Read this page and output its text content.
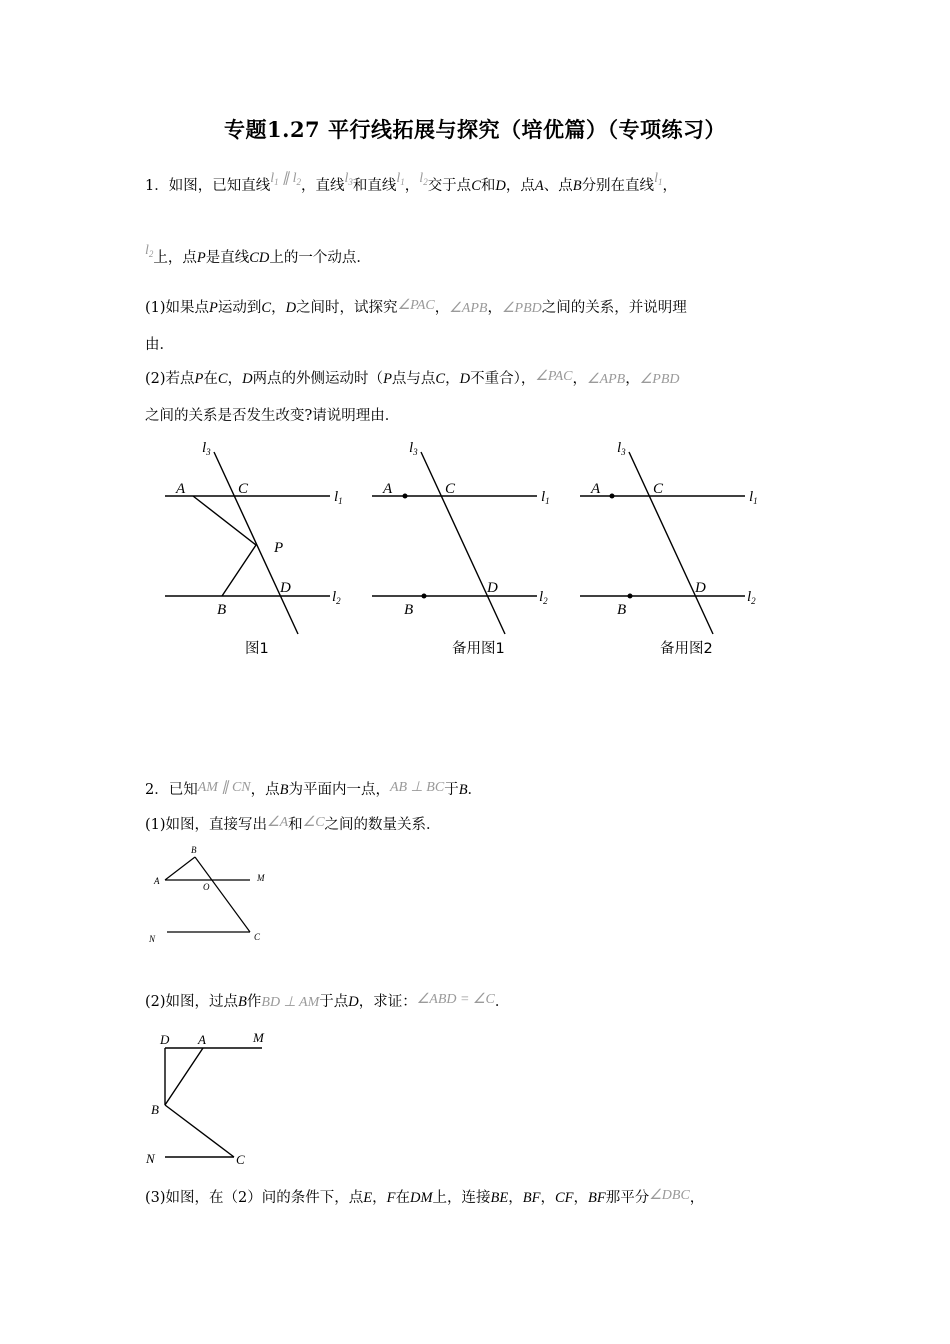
专题1.27 平行线拓展与探究（培优篇）（专项练习）
1．如图，已知直线$l_1$ ∥ $l_2$，直线$l_3$和直线$l_1$，$l_2$交于点C和D，点A、点B分别在直线$l_1$，
$l_2$上，点P是直线CD上的一个动点．
(1)如果点P运动到C，D之间时，试探究∠PAC，∠APB，∠PBD之间的关系，并说明理
由．
(2)若点P在C，D两点的外侧运动时（P点与点C，D不重合），∠PAC，∠APB，∠PBD
之间的关系是否发生改变?请说明理由．
$l_3$
A	C	$l_1$
P
D
$l_2$
B
图1
$l_3$
A	C	$l_1$
D
$l_2$
B
备用图1
$l_3$
A	C	$l_1$
D
$l_2$
B
备用图2
2．已知AM ∥ CN，点B为平面内一点，AB ⊥ BC于B．
(1)如图，直接写出∠A和∠C之间的数量关系．
A
B
O
M
N	C
(2)如图，过点B作BD ⊥ AM于点D，求证：∠ABD = ∠C．
D A	M
B
N	C
(3)如图，在（2）问的条件下，点E，F在DM上，连接BE，BF，CF，BF那平分∠DBC，
